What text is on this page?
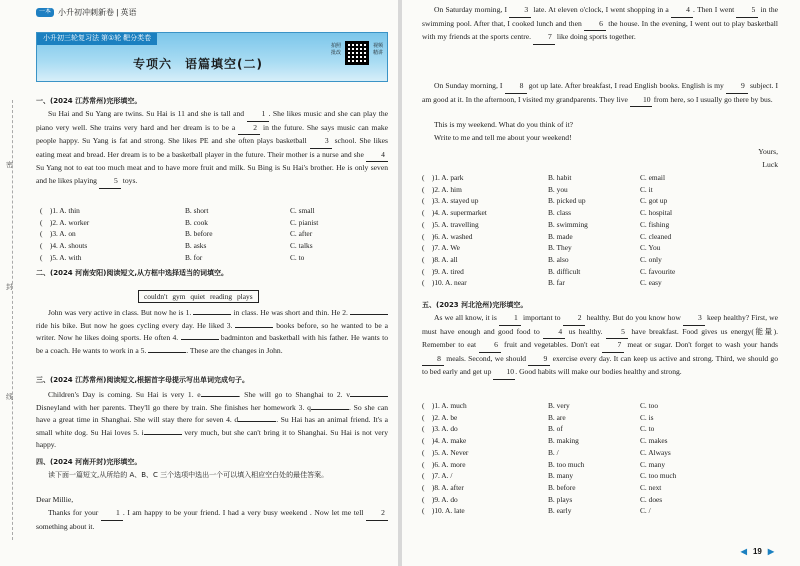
一本 小升初冲刺新卷 | 英语
小升初三轮复习法 第①轮 靶分类卷
专项六　语篇填空(二)
拍照批改
视频精讲
密
封
线
一、(2024 江苏常州)完形填空。
Su Hai and Su Yang are twins. Su Hai is 11 and she is tall and 1 . She likes music and she can play the piano very well. She trains very hard and her dream is to be a 2 in the future. She says music can make people happy. Su Yang is fat and strong. She likes PE and she often plays basketball 3 school. She likes eating meat and bread. Her dream is to be a basketball player in the future. Their mother is a nurse and she 4 Su Yang not to eat too much meat and to have more fruit and milk. Su Bing is Su Hai's brother. He is only seven and he likes playing 5 toys.
(　)1. A. thin	B. short	C. small
(　)2. A. worker	B. cook	C. pianist
(　)3. A. on	B. before	C. after
(　)4. A. shouts	B. asks	C. talks
(　)5. A. with	B. for	C. to
二、(2024 河南安阳)阅读短文,从方框中选择适当的词填空。
couldn't gym quiet reading plays
John was very active in class. But now he is 1.	in class. He was short and thin. He 2.  ride his bike. But now he goes cycling every day. He liked 3.	books before, so he wanted to be a writer. Now he likes doing sports. He often 4.	badminton and basketball with his father. He wants to be a coach. He wants to work in a 5.	. These are the changes in John.
三、(2024 江苏常州)阅读短文,根据首字母提示写出单词完成句子。
Children's Day is coming. Su Hai is very 1. e	. She will go to Shanghai to 2. v Disneyland with her parents. They'll go there by train. She finishes her homework 3. q	. So she can have a great time in Shanghai. She will stay there for seven 4. d	. Su Hai has an animal friend. It's a small white dog. Su Hai loves 5. i	very much, but she can't bring it to Shanghai. Su Hai is not very happy.
四、(2024 河南开封)完形填空。
读下面一篇短文,从所给的 A、B、C 三个选项中选出一个可以填入相应空白处的最佳答案。
Dear Millie,
Thanks for your 1 . I am happy to be your friend. I had a very busy weekend . Now let me tell 2 something about it.
On Saturday morning, I 3 late. At eleven o'clock, I went shopping in a 4 . Then I went 5 in the swimming pool. After that, I cooked lunch and then 6 the house. In the evening, I went out to play basketball with my friends at the sports centre. 7 like doing sports together.
On Sunday morning, I 8 got up late. After breakfast, I read English books. English is my 9 subject. I am good at it. In the afternoon, I visited my grandparents. They live 10 from here, so I usually go there by bus.
This is my weekend. What do you think of it?
Write to me and tell me about your weekend!
Yours,
Luck
(　)1. A. park	B. habit	C. email
(　)2. A. him	B. you	C. it
(　)3. A. stayed up	B. picked up	C. got up
(　)4. A. supermarket	B. class	C. hospital
(　)5. A. travelling	B. swimming	C. fishing
(　)6. A. washed	B. made	C. cleaned
(　)7. A. We	B. They	C. You
(　)8. A. all	B. also	C. only
(　)9. A. tired	B. difficult	C. favourite
(　)10. A. near	B. far	C. easy
五、(2023 河北沧州)完形填空。
As we all know, it is 1 important to 2 healthy. But do you know how 3 keep healthy? First, we must have enough and good food to 4 us healthy. 5 have breakfast. Food gives us energy(能量). Remember to eat 6 fruit and vegetables. Don't eat 7 meat or sugar. Don't forget to wash your hands 8 meals. Second, we should 9 exercise every day. It can keep us active and strong. Third, we should go to bed early and get up 10. Good habits will make our bodies healthy and strong.
(　)1. A. much	B. very	C. too
(　)2. A. be	B. are	C. is
(　)3. A. do	B. of	C. to
(　)4. A. make	B. making	C. makes
(　)5. A. Never	B. /	C. Always
(　)6. A. more	B. too much	C. many
(　)7. A. /	B. many	C. too much
(　)8. A. after	B. before	C. next
(　)9. A. do	B. plays	C. does
(　)10. A. late	B. early	C. /
◀ 19 ▶
